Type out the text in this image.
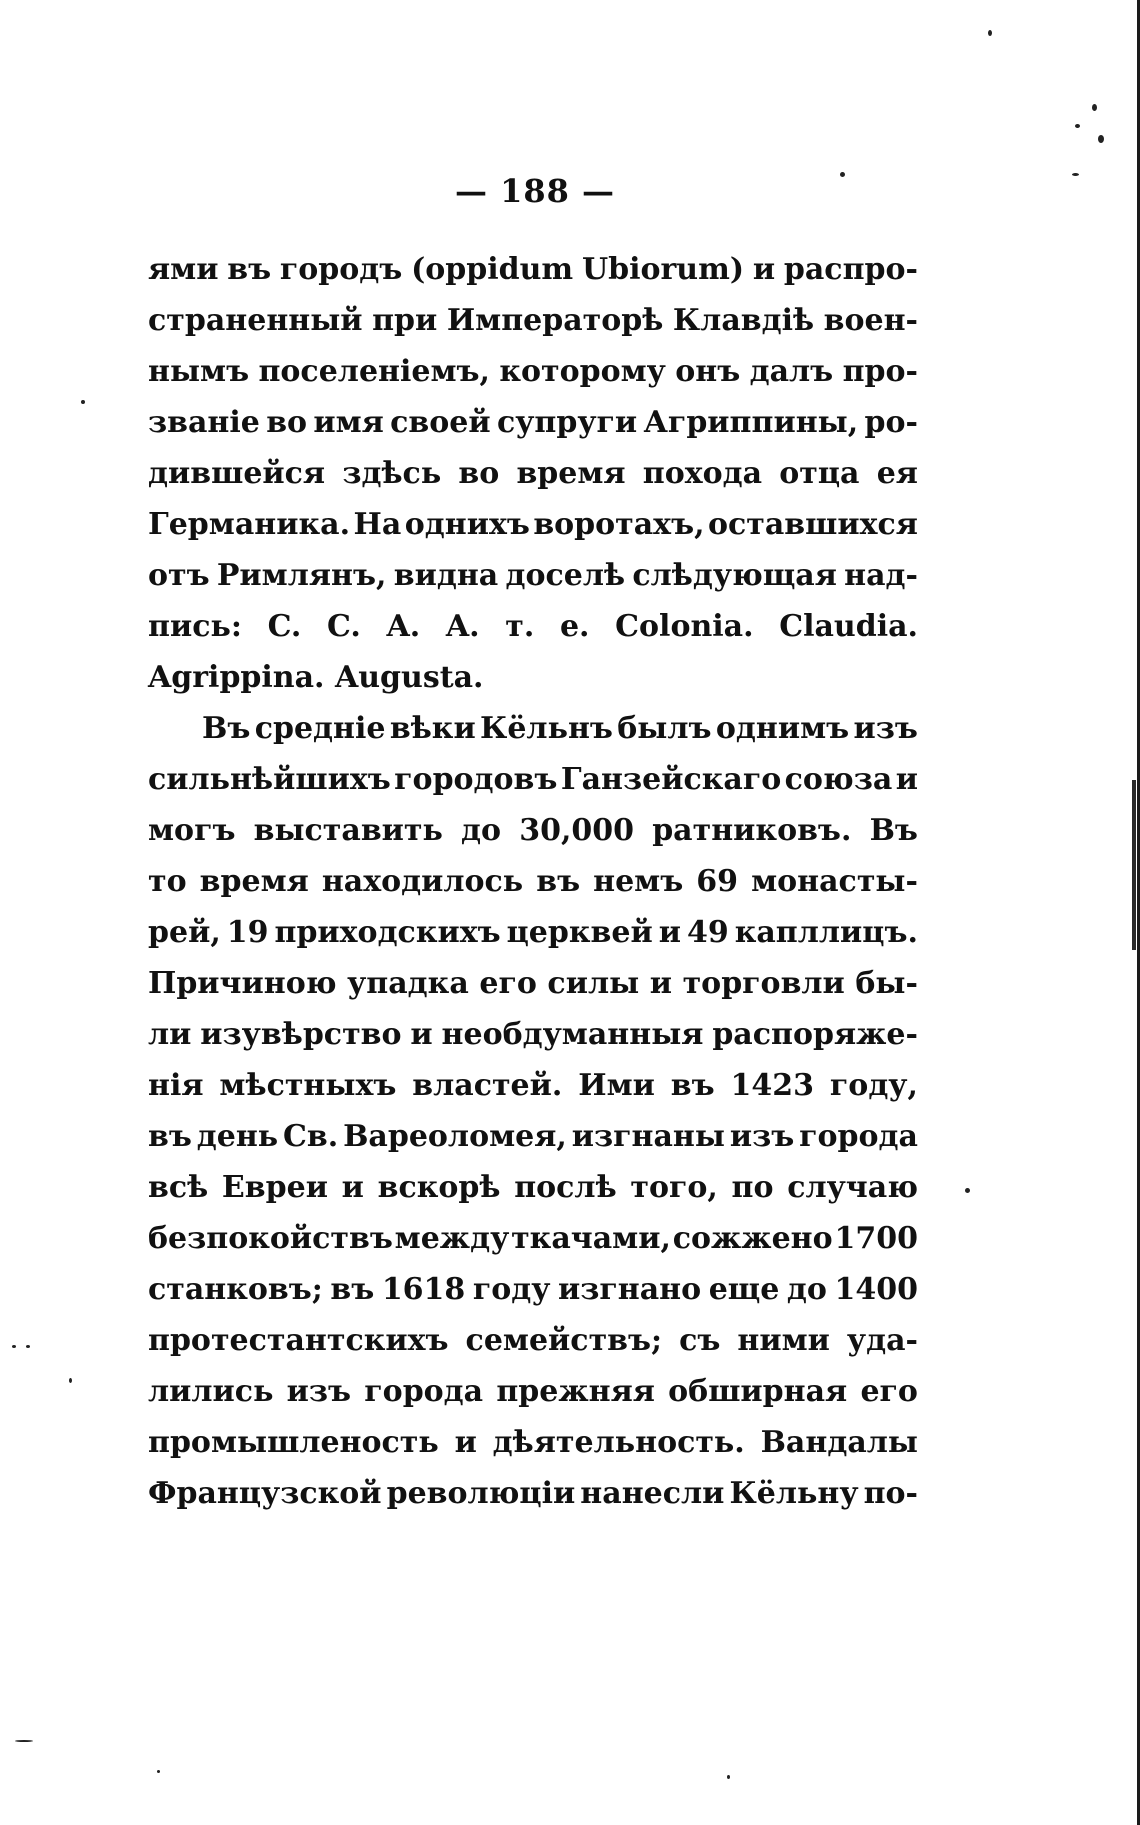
— 188 —
ями въ городъ (oppidum Ubiorum) и распро-
страненный при Императорѣ Клавдіѣ воен-
нымъ поселеніемъ, которому онъ далъ про-
званіе во имя своей супруги Агриппины, ро-
дившейся здѣсь во время похода отца ея
Германика. На однихъ воротахъ, оставшихся
отъ Римлянъ, видна доселѣ слѣдующая над-
пись: C. C. A. A. т. е. Colonia. Claudia.
Agrippina. Augusta.
Въ средніе вѣки Кёльнъ былъ однимъ изъ
сильнѣйшихъ городовъ Ганзейскаго союза и
могъ выставить до 30,000 ратниковъ. Въ
то время находилось въ немъ 69 монасты-
рей, 19 приходскихъ церквей и 49 капллицъ.
Причиною упадка его силы и торговли бы-
ли изувѣрство и необдуманныя распоряже-
нія мѣстныхъ властей. Ими въ 1423 году,
въ день Св. Вареоломея, изгнаны изъ города
всѣ Евреи и вскорѣ послѣ того, по случаю
безпокойствъ между ткачами, сожжено 1700
станковъ; въ 1618 году изгнано еще до 1400
протестантскихъ семействъ; съ ними уда-
лились изъ города прежняя обширная его
промышленость и дѣятельность. Вандалы
Французской революціи нанесли Кёльну по-
